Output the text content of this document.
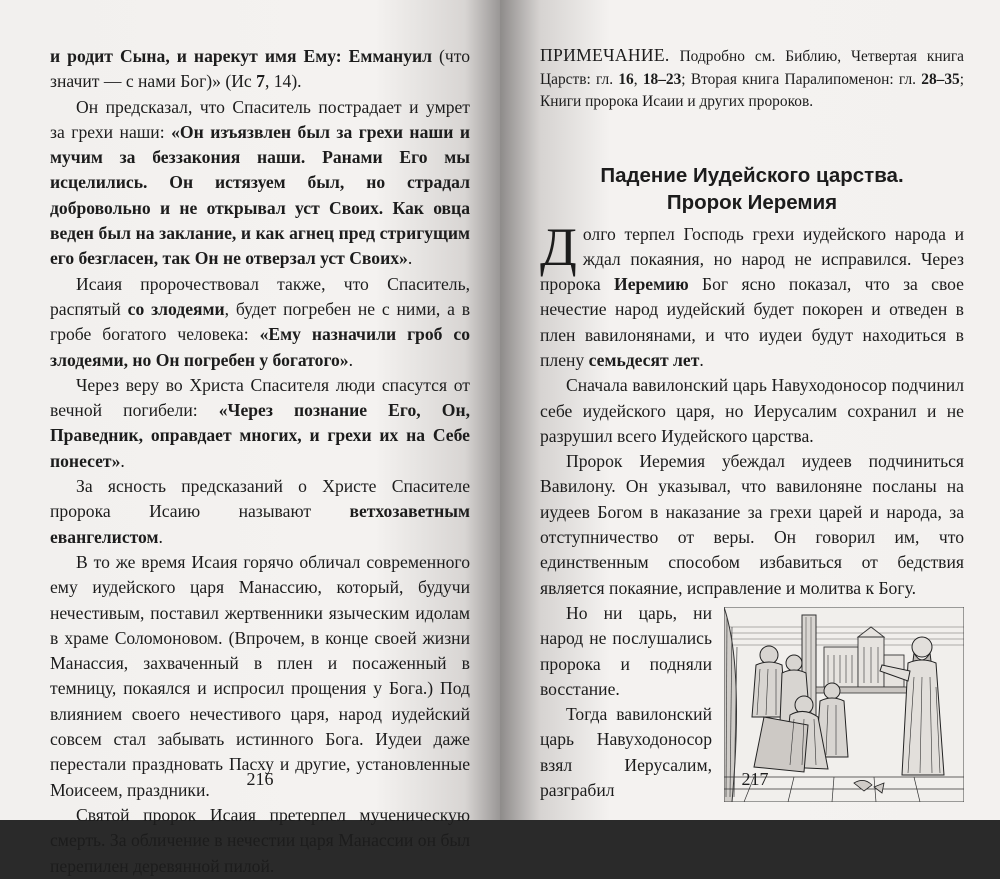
и родит Сына, и нарекут имя Ему: Еммануил (что значит — с нами Бог)» (Ис 7, 14).

Он предсказал, что Спаситель пострадает и умрет за грехи наши: «Он изъязвлен был за грехи наши и мучим за беззакония наши. Ранами Его мы исцелились. Он истязуем был, но страдал добровольно и не открывал уст Своих. Как овца веден был на заклание, и как агнец пред стригущим его безгласен, так Он не отверзал уст Своих».

Исаия пророчествовал также, что Спаситель, распятый со злодеями, будет погребен не с ними, а в гробе богатого человека: «Ему назначили гроб со злодеями, но Он погребен у богатого».

Через веру во Христа Спасителя люди спасутся от вечной погибели: «Через познание Его, Он, Праведник, оправдает многих, и грехи их на Себе понесет».

За ясность предсказаний о Христе Спасителе пророка Исаию называют ветхозаветным евангелистом.

В то же время Исаия горячо обличал современного ему иудейского царя Манассию, который, будучи нечестивым, поставил жертвенники языческим идолам в храме Соломоновом. (Впрочем, в конце своей жизни Манассия, захваченный в плен и посаженный в темницу, покаялся и испросил прощения у Бога.) Под влиянием своего нечестивого царя, народ иудейский совсем стал забывать истинного Бога. Иудеи даже перестали праздновать Пасху и другие, установленные Моисеем, праздники.

Святой пророк Исаия претерпел мученическую смерть. За обличение в нечестии царя Манассии он был перепилен деревянной пилой.

216
ПРИМЕЧАНИЕ. Подробно см. Библию, Четвертая книга Царств: гл. 16, 18–23; Вторая книга Паралипоменон: гл. 28–35; Книги пророка Исаии и других пророков.
Падение Иудейского царства.
Пророк Иеремия

Долго терпел Господь грехи иудейского народа и ждал покаяния, но народ не исправился. Через пророка Иеремию Бог ясно показал, что за свое нечестие народ иудейский будет покорен и отведен в плен вавилонянами, и что иудеи будут находиться в плену семьдесят лет.

Сначала вавилонский царь Навуходоносор подчинил себе иудейского царя, но Иерусалим сохранил и не разрушил всего Иудейского царства.

Пророк Иеремия убеждал иудеев подчиниться Вавилону. Он указывал, что вавилоняне посланы на иудеев Богом в наказание за грехи царей и народа, за отступничество от веры. Он говорил им, что единственным способом избавиться от бедствия является покаяние, исправление и молитва к Богу.

Но ни царь, ни народ не послушались пророка и подняли восстание.

Тогда вавилонский царь Навуходоносор взял Иерусалим, разграбил

217
